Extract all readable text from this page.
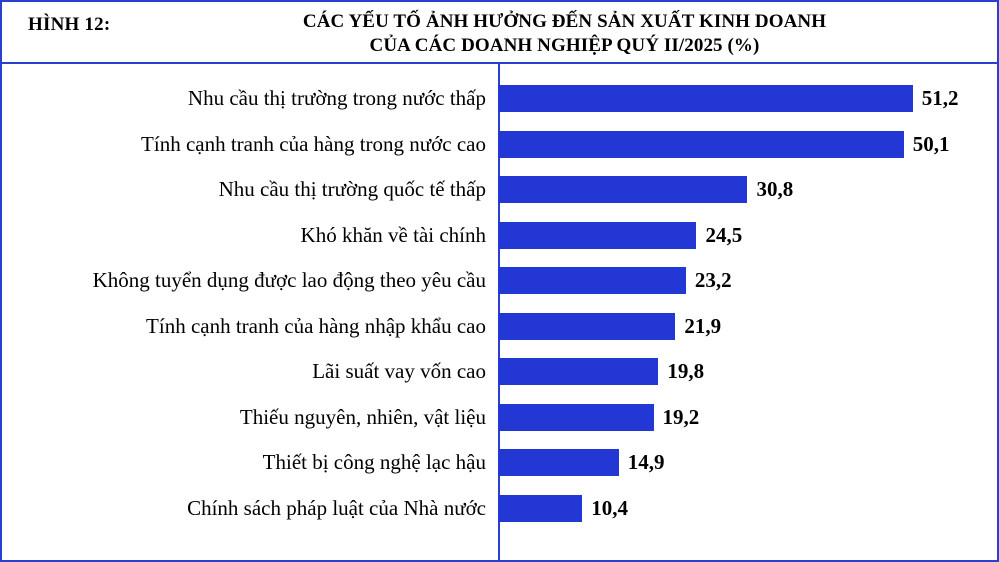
HÌNH 12:	CÁC YẾU TỐ ẢNH HƯỞNG ĐẾN SẢN XUẤT KINH DOANH
CỦA CÁC DOANH NGHIỆP QUÝ II/2025 (%)
Nhu cầu thị trường trong nước thấp	51,2
Tính cạnh tranh của hàng trong nước cao	50,1
Nhu cầu thị trường quốc tế thấp	30,8
Khó khăn về tài chính	24,5
Không tuyển dụng được lao động theo yêu cầu	23,2
Tính cạnh tranh của hàng nhập khẩu cao	21,9
Lãi suất vay vốn cao	19,8
Thiếu nguyên, nhiên, vật liệu	19,2
Thiết bị công nghệ lạc hậu	14,9
Chính sách pháp luật của Nhà nước	10,4
